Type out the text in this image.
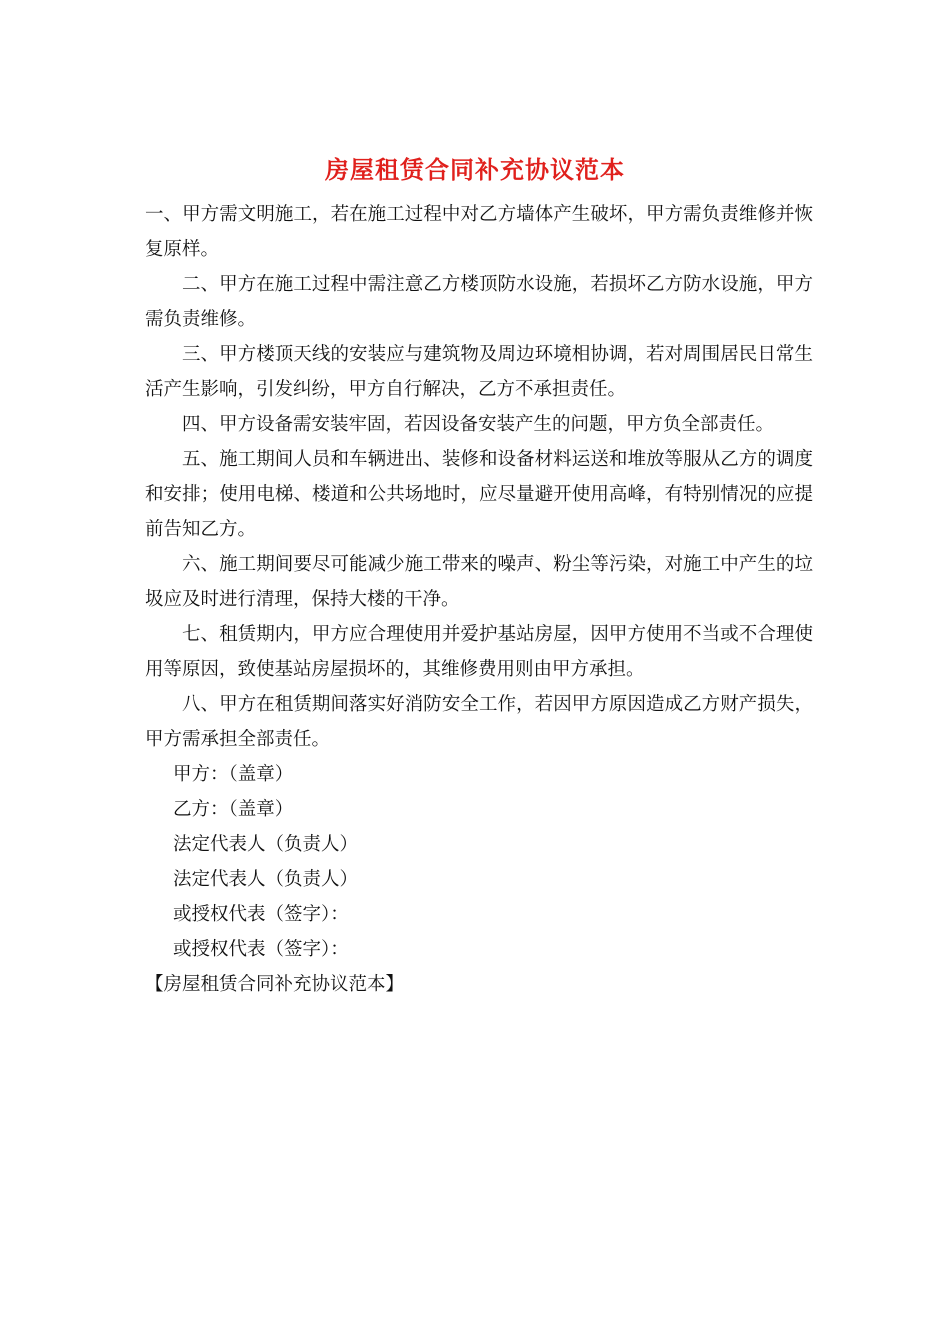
房屋租赁合同补充协议范本

一、甲方需文明施工，若在施工过程中对乙方墙体产生破坏，甲方需负责维修并恢复原样。

二、甲方在施工过程中需注意乙方楼顶防水设施，若损坏乙方防水设施，甲方需负责维修。

三、甲方楼顶天线的安装应与建筑物及周边环境相协调，若对周围居民日常生活产生影响，引发纠纷，甲方自行解决，乙方不承担责任。

四、甲方设备需安装牢固，若因设备安装产生的问题，甲方负全部责任。

五、施工期间人员和车辆进出、装修和设备材料运送和堆放等服从乙方的调度和安排；使用电梯、楼道和公共场地时，应尽量避开使用高峰，有特别情况的应提前告知乙方。

六、施工期间要尽可能减少施工带来的噪声、粉尘等污染，对施工中产生的垃圾应及时进行清理，保持大楼的干净。

七、租赁期内，甲方应合理使用并爱护基站房屋，因甲方使用不当或不合理使用等原因，致使基站房屋损坏的，其维修费用则由甲方承担。

八、甲方在租赁期间落实好消防安全工作，若因甲方原因造成乙方财产损失，甲方需承担全部责任。

甲方：（盖章）

乙方：（盖章）

法定代表人（负责人）

法定代表人（负责人）

或授权代表（签字）：

或授权代表（签字）：

【房屋租赁合同补充协议范本】
